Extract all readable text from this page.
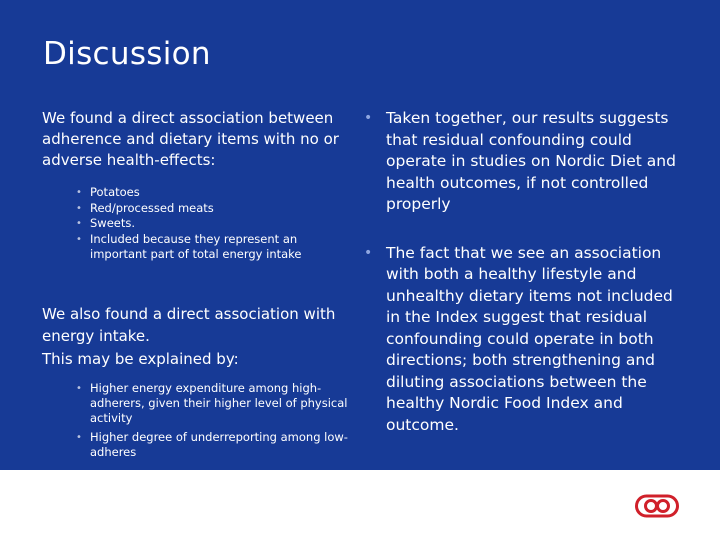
Discussion

We found a direct association between adherence and dietary items with no or adverse health-effects:

• Potatoes
• Red/processed meats
• Sweets.
• Included because they represent an important part of total energy intake

We also found a direct association with energy intake.

This may be explained by:

• Higher energy expenditure among high-adherers, given their higher level of physical activity
• Higher degree of underreporting among low-adheres
• Taken together, our results suggests that residual confounding could operate in studies on Nordic Diet and health outcomes, if not controlled properly
• The fact that we see an association with both a healthy lifestyle and unhealthy dietary items not included in the Index suggest that residual confounding could operate in both directions; both strengthening and diluting associations between the healthy Nordic Food Index and outcome.
